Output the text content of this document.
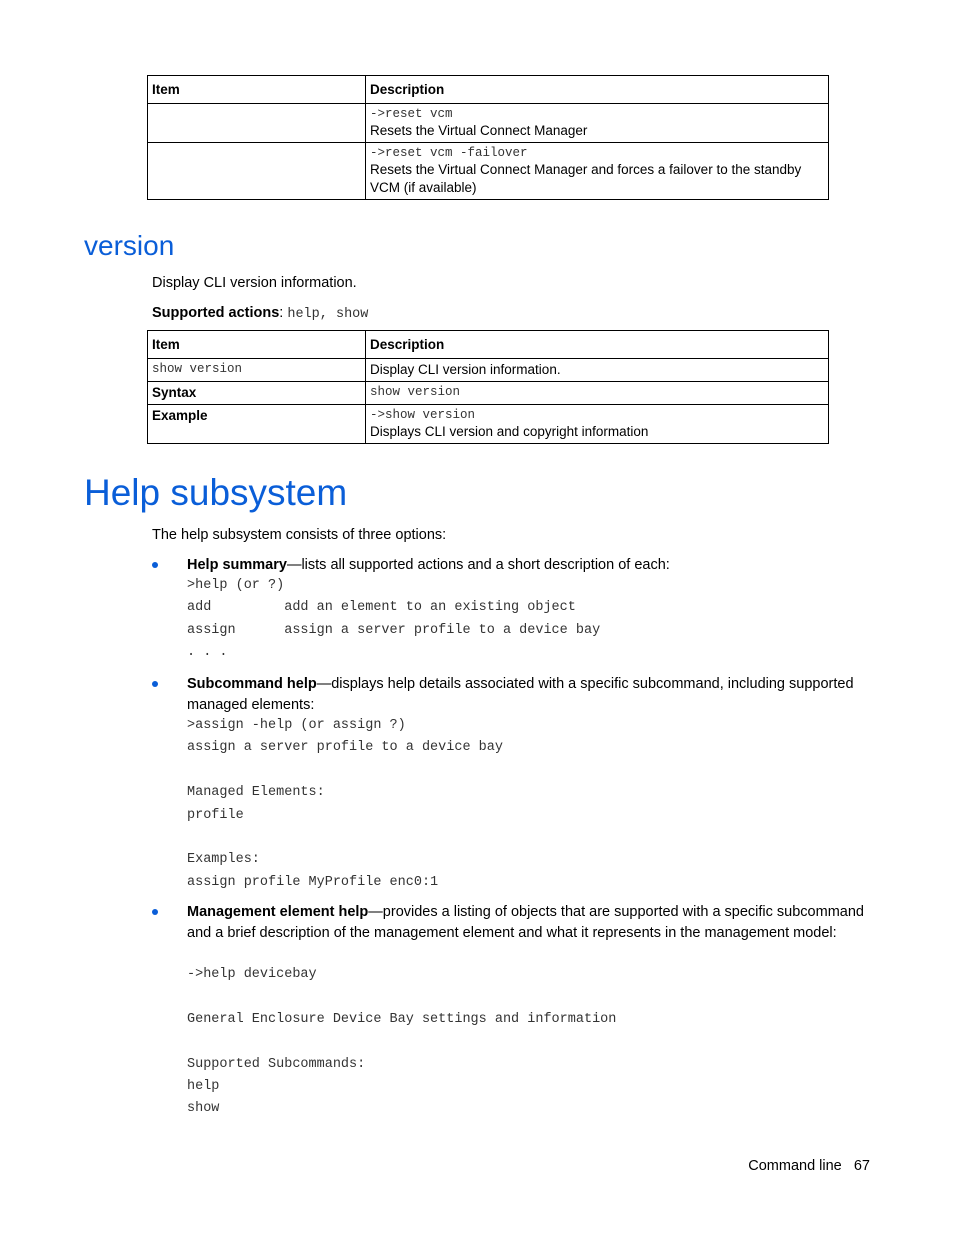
Item	Description

	->reset vcm
Resets the Virtual Connect Manager

	->reset vcm -failover
Resets the Virtual Connect Manager and forces a failover to the standby VCM (if available)
version
Display CLI version information.
Supported actions: help, show
Item	Description

show version	Display CLI version information.
Syntax	show version

Example	->show version
Displays CLI version and copyright information
Help subsystem
The help subsystem consists of three options:
Help summary—lists all supported actions and a short description of each:
>help (or ?)
add         add an element to an existing object
assign      assign a server profile to a device bay
. . .
Subcommand help—displays help details associated with a specific subcommand, including supported managed elements:
>assign -help (or assign ?)
assign a server profile to a device bay

Managed Elements:
profile

Examples:
assign profile MyProfile enc0:1
Management element help—provides a listing of objects that are supported with a specific subcommand and a brief description of the management element and what it represents in the management model:
->help devicebay

General Enclosure Device Bay settings and information

Supported Subcommands:
help
show
Command line 67
